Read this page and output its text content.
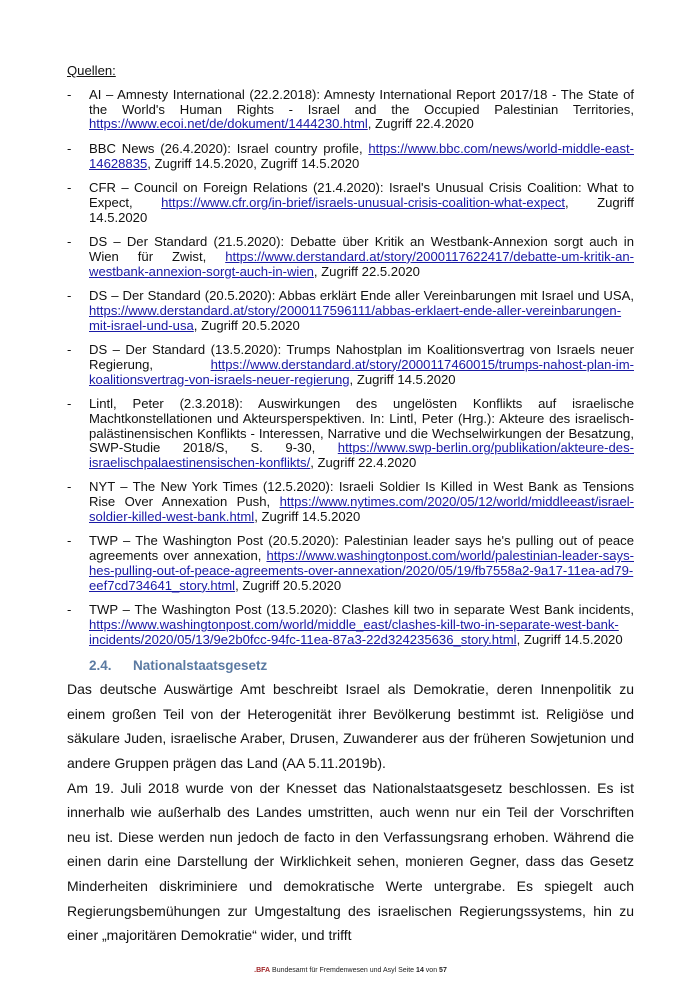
Quellen:
-	AI – Amnesty International (22.2.2018): Amnesty International Report 2017/18 - The State of the World's Human Rights - Israel and the Occupied Palestinian Territories, https://www.ecoi.net/de/dokument/1444230.html, Zugriff 22.4.2020
-	BBC News (26.4.2020): Israel country profile, https://www.bbc.com/news/world-middle-east-14628835, Zugriff 14.5.2020, Zugriff 14.5.2020
-	CFR – Council on Foreign Relations (21.4.2020): Israel's Unusual Crisis Coalition: What to Expect, https://www.cfr.org/in-brief/israels-unusual-crisis-coalition-what-expect, Zugriff 14.5.2020
-	DS – Der Standard (21.5.2020): Debatte über Kritik an Westbank-Annexion sorgt auch in Wien für Zwist, https://www.derstandard.at/story/2000117622417/debatte-um-kritik-an-westbank-annexion-sorgt-auch-in-wien, Zugriff 22.5.2020
-	DS – Der Standard (20.5.2020): Abbas erklärt Ende aller Vereinbarungen mit Israel und USA, https://www.derstandard.at/story/2000117596111/abbas-erklaert-ende-aller-vereinbarungen-mit-israel-und-usa, Zugriff 20.5.2020
-	DS – Der Standard (13.5.2020): Trumps Nahostplan im Koalitionsvertrag von Israels neuer Regierung, https://www.derstandard.at/story/2000117460015/trumps-nahost-plan-im-koalitionsvertrag-von-israels-neuer-regierung, Zugriff 14.5.2020
-	Lintl, Peter (2.3.2018): Auswirkungen des ungelösten Konflikts auf israelische Machtkonstellationen und Akteursperspektiven. In: Lintl, Peter (Hrg.): Akteure des israelisch-palästinensischen Konflikts - Interessen, Narrative und die Wechselwirkungen der Besatzung, SWP-Studie 2018/S, S. 9-30, https://www.swp-berlin.org/publikation/akteure-des-israelischpalaestinensischen-konflikts/, Zugriff 22.4.2020
-	NYT – The New York Times (12.5.2020): Israeli Soldier Is Killed in West Bank as Tensions Rise Over Annexation Push, https://www.nytimes.com/2020/05/12/world/middleeast/israel-soldier-killed-west-bank.html, Zugriff 14.5.2020
-	TWP – The Washington Post (20.5.2020): Palestinian leader says he's pulling out of peace agreements over annexation, https://www.washingtonpost.com/world/palestinian-leader-says-hes-pulling-out-of-peace-agreements-over-annexation/2020/05/19/fb7558a2-9a17-11ea-ad79-eef7cd734641_story.html, Zugriff 20.5.2020
-	TWP – The Washington Post (13.5.2020): Clashes kill two in separate West Bank incidents, https://www.washingtonpost.com/world/middle_east/clashes-kill-two-in-separate-west-bank-incidents/2020/05/13/9e2b0fcc-94fc-11ea-87a3-22d324235636_story.html, Zugriff 14.5.2020
2.4. Nationalstaatsgesetz

Das deutsche Auswärtige Amt beschreibt Israel als Demokratie, deren Innenpolitik zu einem großen Teil von der Heterogenität ihrer Bevölkerung bestimmt ist. Religiöse und säkulare Juden, israelische Araber, Drusen, Zuwanderer aus der früheren Sowjetunion und andere Gruppen prägen das Land (AA 5.11.2019b).

Am 19. Juli 2018 wurde von der Knesset das Nationalstaatsgesetz beschlossen. Es ist innerhalb wie außerhalb des Landes umstritten, auch wenn nur ein Teil der Vorschriften neu ist. Diese werden nun jedoch de facto in den Verfassungsrang erhoben. Während die einen darin eine Darstellung der Wirklichkeit sehen, monieren Gegner, dass das Gesetz Minderheiten diskriminiere und demokratische Werte untergrabe. Es spiegelt auch Regierungsbemühungen zur Umgestaltung des israelischen Regierungssystems, hin zu einer „majoritären Demokratie“ wider, und trifft

.BFA Bundesamt für Fremdenwesen und Asyl Seite 14 von 57
